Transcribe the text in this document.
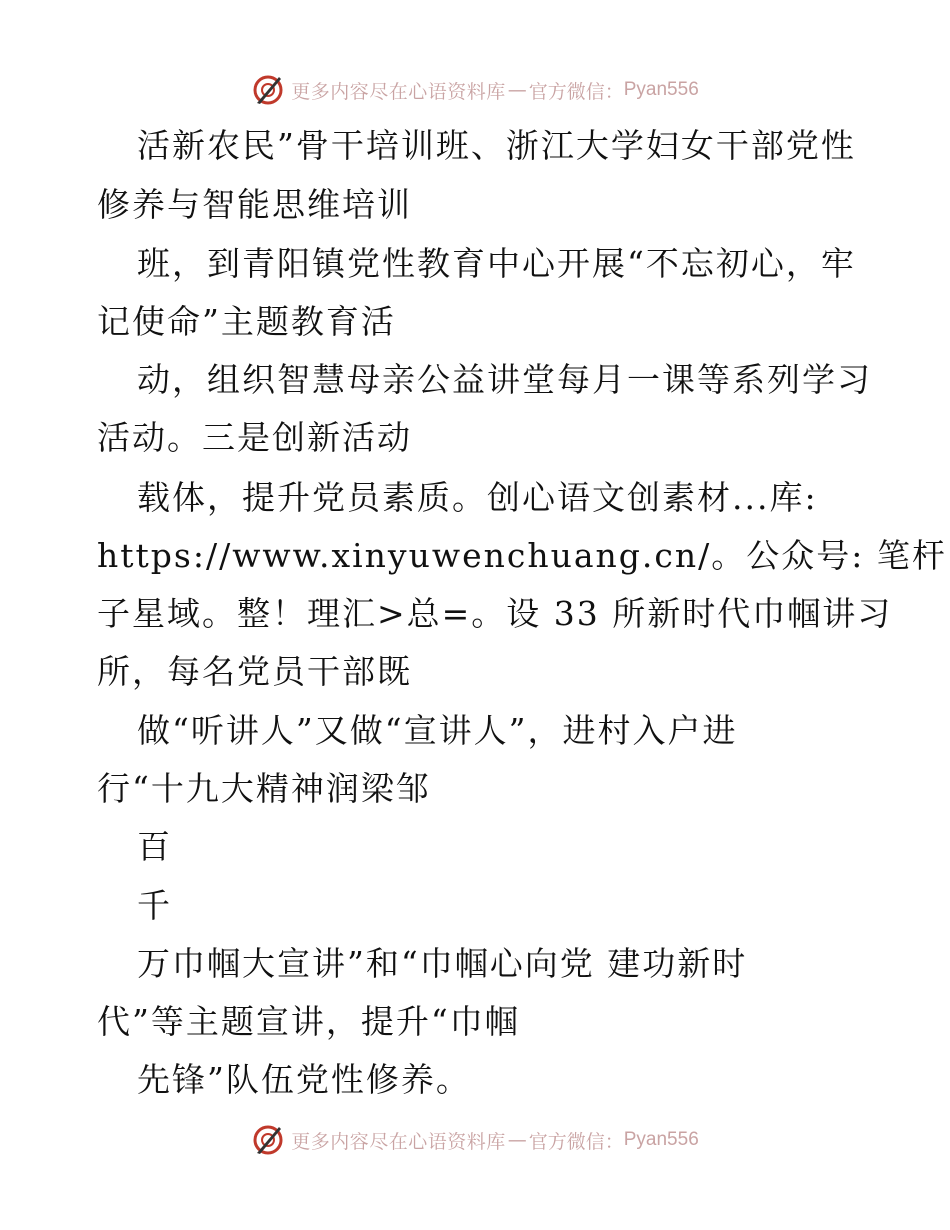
更多内容尽在心语资料库 — 官方微信： Pyan556
活新农民”骨干培训班、浙江大学妇女干部党性
修养与智能思维培训
班，到青阳镇党性教育中心开展“不忘初心，牢
记使命”主题教育活
动，组织智慧母亲公益讲堂每月一课等系列学习
活动。三是创新活动
载体，提升党员素质。创心语文创素材...库:
https://www.xinyuwenchuang.cn/。公众号: 笔杆
子星域。整！理汇>总=。设 33 所新时代巾帼讲习
所，每名党员干部既
做“听讲人”又做“宣讲人”，进村入户进
行“十九大精神润梁邹
百
千
万巾帼大宣讲”和“巾帼心向党 建功新时
代”等主题宣讲，提升“巾帼
先锋”队伍党性修养。
更多内容尽在心语资料库 — 官方微信： Pyan556
